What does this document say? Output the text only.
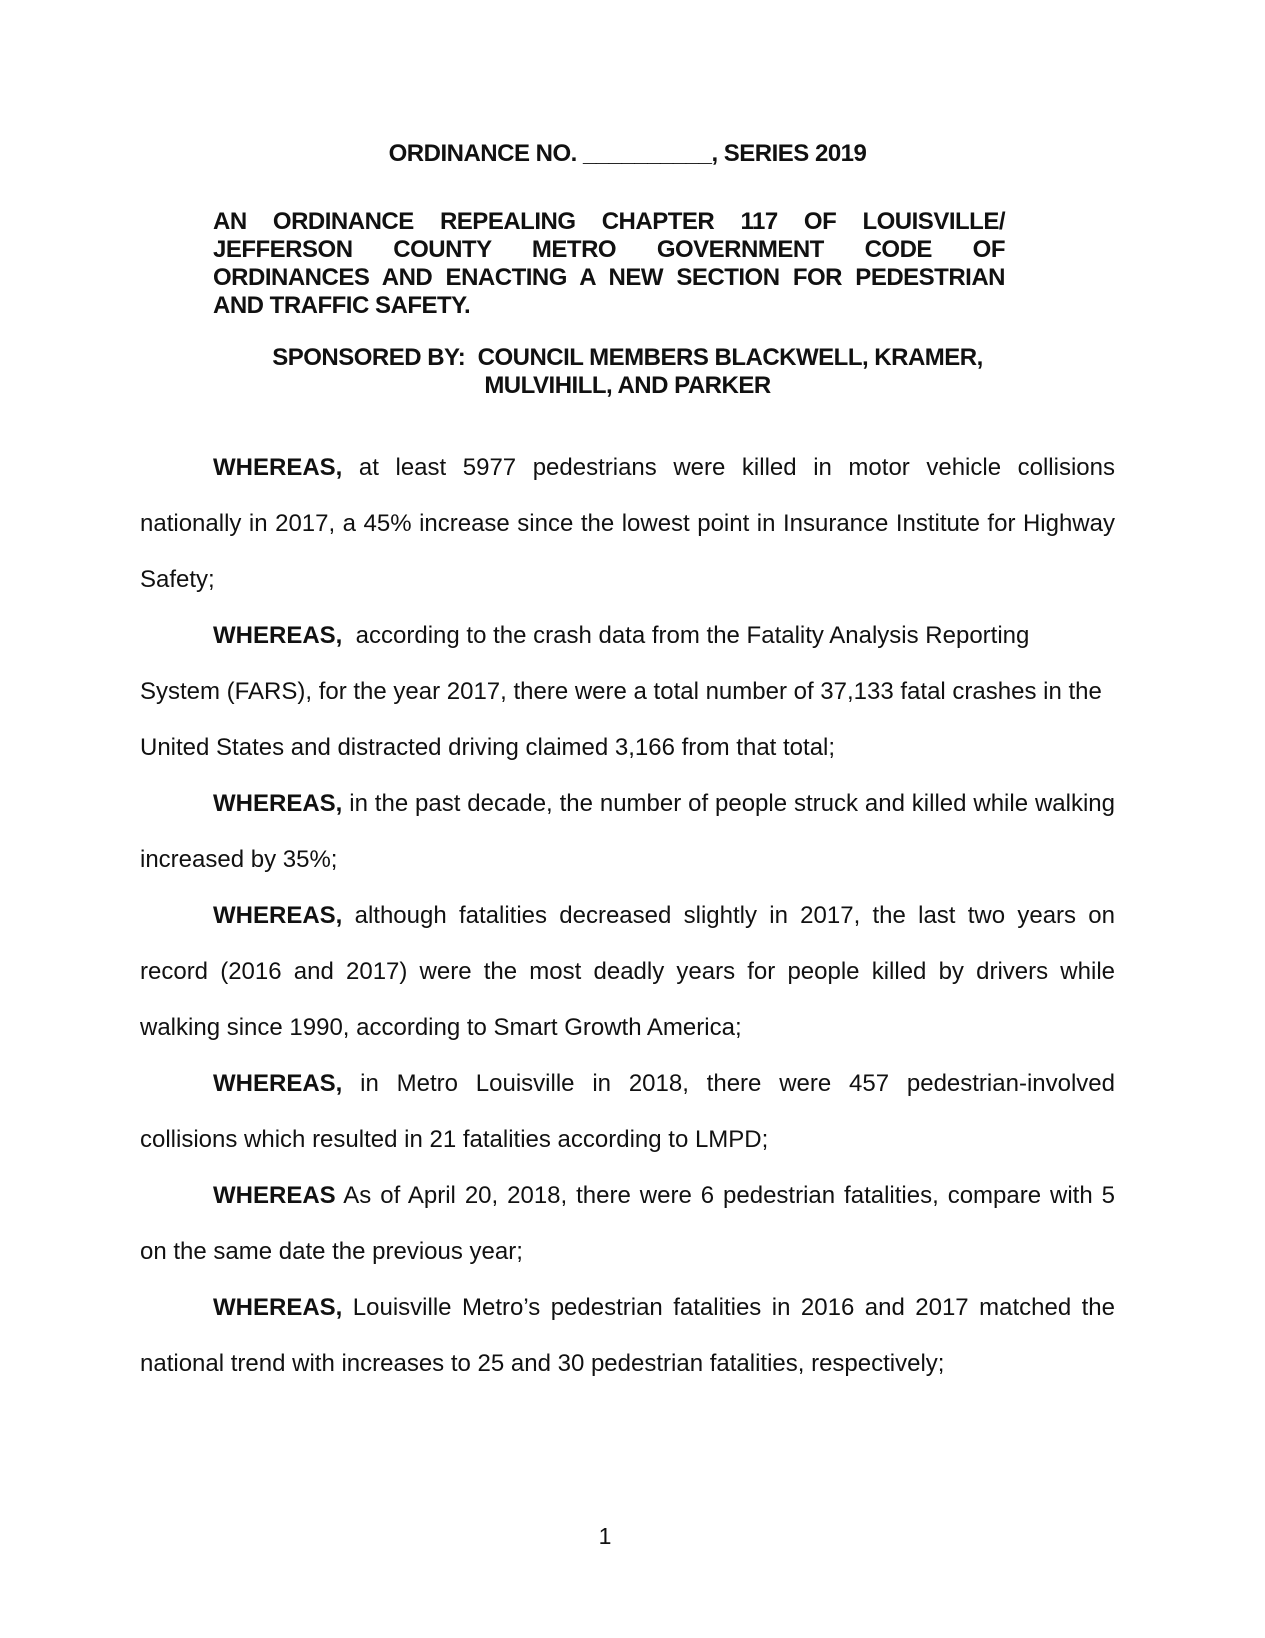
ORDINANCE NO. __________, SERIES 2019
AN ORDINANCE REPEALING CHAPTER 117 OF LOUISVILLE/
JEFFERSON COUNTY METRO GOVERNMENT CODE OF
ORDINANCES AND ENACTING A NEW SECTION FOR PEDESTRIAN
AND TRAFFIC SAFETY.
SPONSORED BY:  COUNCIL MEMBERS BLACKWELL, KRAMER,
MULVIHILL, AND PARKER

WHEREAS, at least 5977 pedestrians were killed in motor vehicle collisions nationally in 2017, a 45% increase since the lowest point in Insurance Institute for Highway Safety;

WHEREAS,  according to the crash data from the Fatality Analysis Reporting System (FARS), for the year 2017, there were a total number of 37,133 fatal crashes in the United States and distracted driving claimed 3,166 from that total;

WHEREAS, in the past decade, the number of people struck and killed while walking increased by 35%;

WHEREAS, although fatalities decreased slightly in 2017, the last two years on record (2016 and 2017) were the most deadly years for people killed by drivers while walking since 1990, according to Smart Growth America;

WHEREAS, in Metro Louisville in 2018, there were 457 pedestrian-involved collisions which resulted in 21 fatalities according to LMPD;

WHEREAS As of April 20, 2018, there were 6 pedestrian fatalities, compare with 5 on the same date the previous year;

WHEREAS, Louisville Metro’s pedestrian fatalities in 2016 and 2017 matched the national trend with increases to 25 and 30 pedestrian fatalities, respectively;

1
